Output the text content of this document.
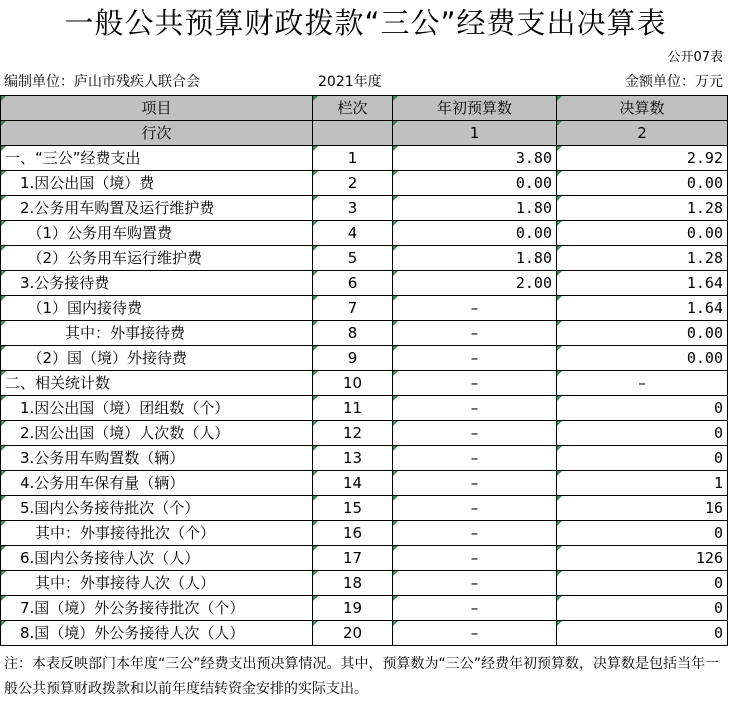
一般公共预算财政拨款“三公”经费支出决算表
公开07表
编制单位：庐山市残疾人联合会	2021年度	金额单位：万元
项目	栏次	年初预算数	决算数
行次		1	2
一、“三公”经费支出	1	3.80	2.92
　1.因公出国（境）费	2	0.00	0.00
　2.公务用车购置及运行维护费	3	1.80	1.28
　　（1）公务用车购置费	4	0.00	0.00
　　（2）公务用车运行维护费	5	1.80	1.28
　3.公务接待费	6	2.00	1.64
　　（1）国内接待费	7	–	1.64
　　　　其中：外事接待费	8	–	0.00
　　（2）国（境）外接待费	9	–	0.00
二、相关统计数	10	–	–
　1.因公出国（境）团组数（个）	11	–	0
　2.因公出国（境）人次数（人）	12	–	0
　3.公务用车购置数（辆）	13	–	0
　4.公务用车保有量（辆）	14	–	1
　5.国内公务接待批次（个）	15	–	16
　　其中：外事接待批次（个）	16	–	0
　6.国内公务接待人次（人）	17	–	126
　　其中：外事接待人次（人）	18	–	0
　7.国（境）外公务接待批次（个）	19	–	0
　8.国（境）外公务接待人次（人）	20	–	0
注：本表反映部门本年度“三公”经费支出预决算情况。其中，预算数为“三公”经费年初预算数，决算数是包括当年一般公共预算财政拨款和以前年度结转资金安排的实际支出。
